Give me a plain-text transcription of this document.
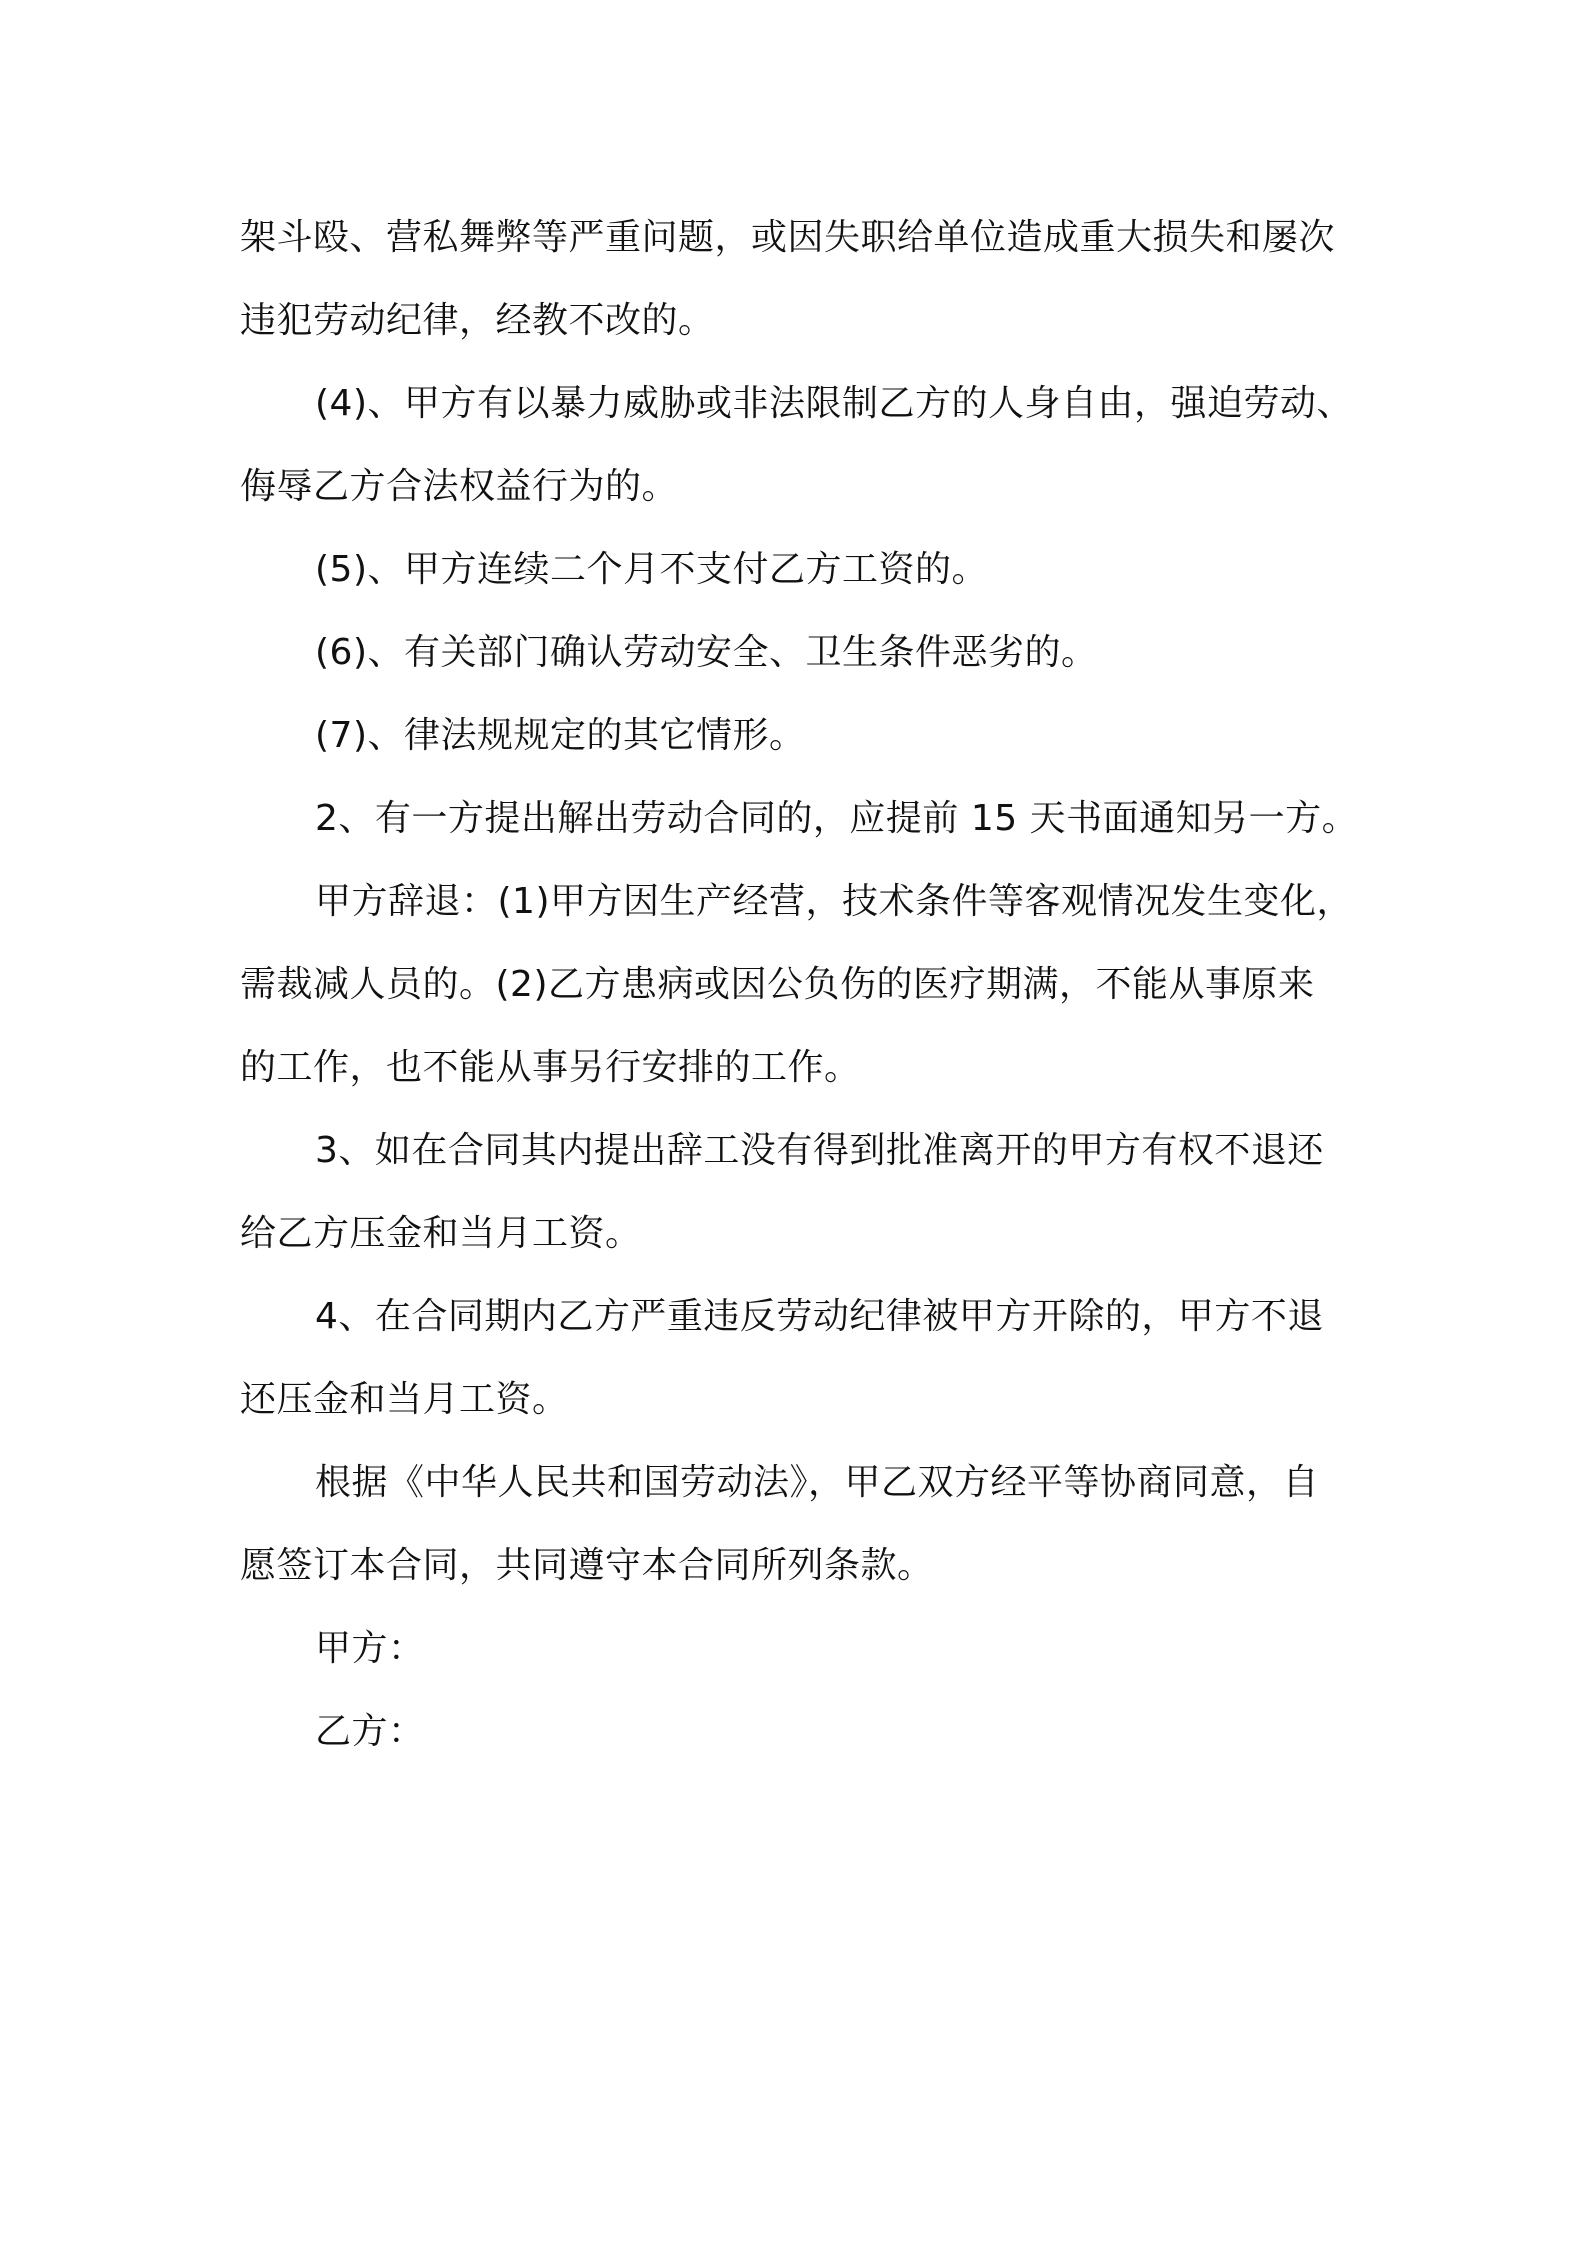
架斗殴、营私舞弊等严重问题，或因失职给单位造成重大损失和屡次
违犯劳动纪律，经教不改的。

(4)、甲方有以暴力威胁或非法限制乙方的人身自由，强迫劳动、
侮辱乙方合法权益行为的。

(5)、甲方连续二个月不支付乙方工资的。

(6)、有关部门确认劳动安全、卫生条件恶劣的。

(7)、律法规规定的其它情形。

2、有一方提出解出劳动合同的，应提前 15 天书面通知另一方。

甲方辞退：(1)甲方因生产经营，技术条件等客观情况发生变化，
需裁减人员的。(2)乙方患病或因公负伤的医疗期满，不能从事原来
的工作，也不能从事另行安排的工作。

3、如在合同其内提出辞工没有得到批准离开的甲方有权不退还
给乙方压金和当月工资。

4、在合同期内乙方严重违反劳动纪律被甲方开除的，甲方不退
还压金和当月工资。

根据《中华人民共和国劳动法》，甲乙双方经平等协商同意，自
愿签订本合同，共同遵守本合同所列条款。

甲方：

乙方：
